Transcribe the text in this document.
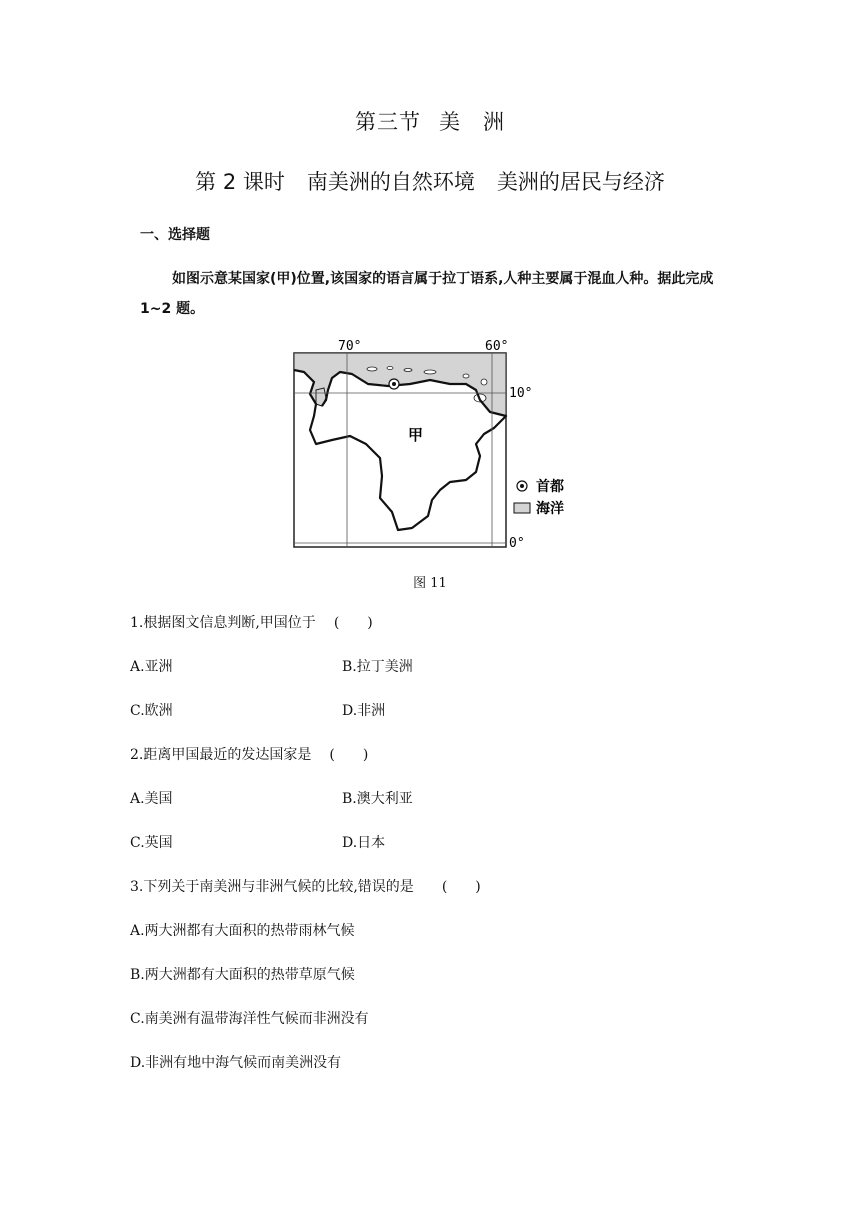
第三节 美　洲
第 2 课时 南美洲的自然环境 美洲的居民与经济
一、选择题
如图示意某国家(甲)位置,该国家的语言属于拉丁语系,人种主要属于混血人种。据此完成 1~2 题。
70°	60°
10°
0°
甲
首都
海洋
图 11
1.根据图文信息判断,甲国位于 (　　)
A.亚洲	B.拉丁美洲
C.欧洲	D.非洲
2.距离甲国最近的发达国家是 (　　)
A.美国	B.澳大利亚
C.英国	D.日本
3.下列关于南美洲与非洲气候的比较,错误的是 (　　)
A.两大洲都有大面积的热带雨林气候
B.两大洲都有大面积的热带草原气候
C.南美洲有温带海洋性气候而非洲没有
D.非洲有地中海气候而南美洲没有
